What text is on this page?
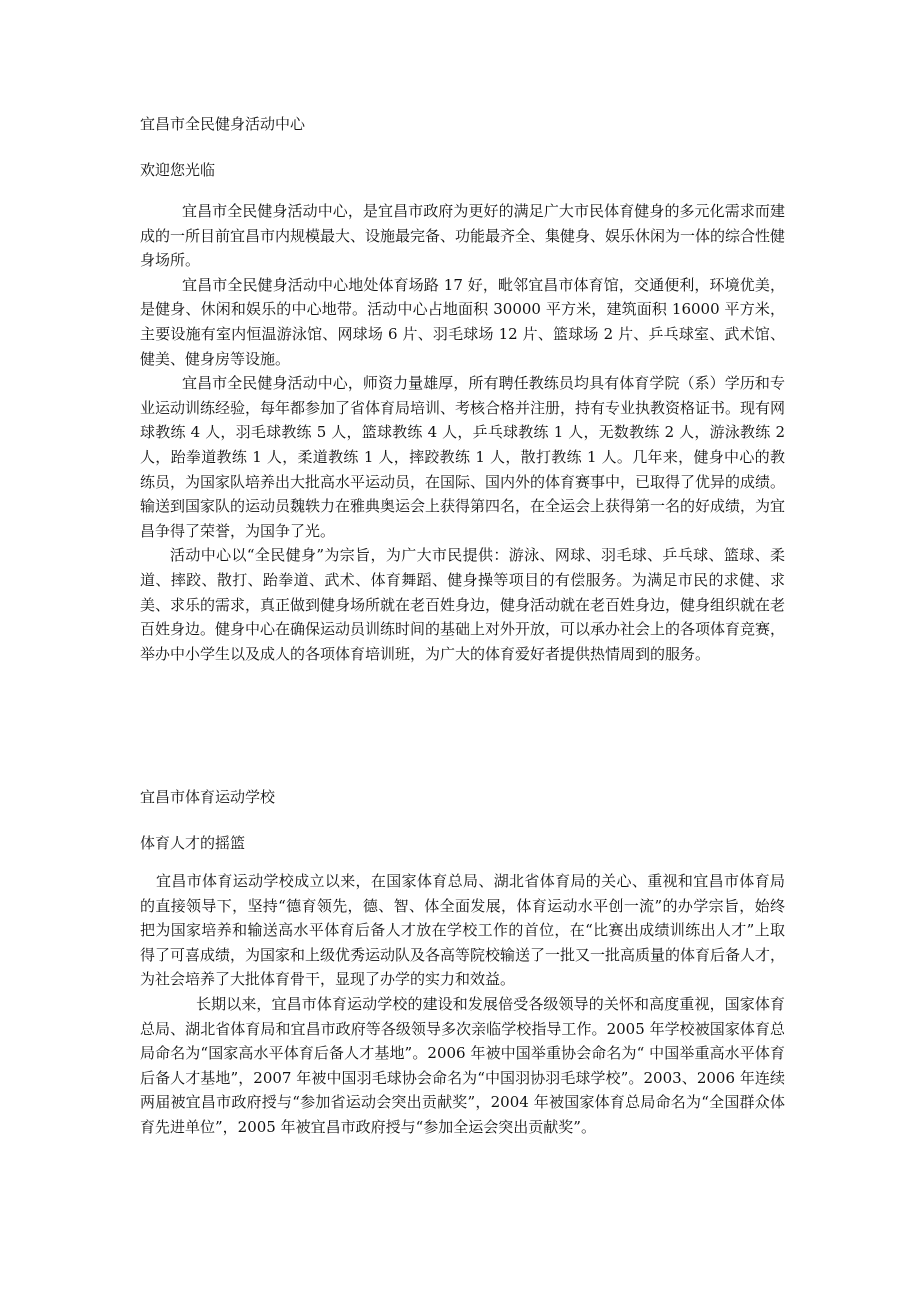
宜昌市全民健身活动中心

欢迎您光临

宜昌市全民健身活动中心，是宜昌市政府为更好的满足广大市民体育健身的多元化需求而建成的一所目前宜昌市内规模最大、设施最完备、功能最齐全、集健身、娱乐休闲为一体的综合性健身场所。

宜昌市全民健身活动中心地处体育场路 17 好，毗邻宜昌市体育馆，交通便利，环境优美，是健身、休闲和娱乐的中心地带。活动中心占地面积 30000 平方米，建筑面积 16000 平方米，主要设施有室内恒温游泳馆、网球场 6 片、羽毛球场 12 片、篮球场 2 片、乒乓球室、武术馆、健美、健身房等设施。

宜昌市全民健身活动中心，师资力量雄厚，所有聘任教练员均具有体育学院（系）学历和专业运动训练经验，每年都参加了省体育局培训、考核合格并注册，持有专业执教资格证书。现有网球教练 4 人，羽毛球教练 5 人，篮球教练 4 人，乒乓球教练 1 人，无数教练 2 人，游泳教练 2 人，跆拳道教练 1 人，柔道教练 1 人，摔跤教练 1 人，散打教练 1 人。几年来，健身中心的教练员，为国家队培养出大批高水平运动员，在国际、国内外的体育赛事中，已取得了优异的成绩。输送到国家队的运动员魏轶力在雅典奥运会上获得第四名，在全运会上获得第一名的好成绩，为宜昌争得了荣誉，为国争了光。

活动中心以“全民健身”为宗旨，为广大市民提供：游泳、网球、羽毛球、乒乓球、篮球、柔道、摔跤、散打、跆拳道、武术、体育舞蹈、健身操等项目的有偿服务。为满足市民的求健、求美、求乐的需求，真正做到健身场所就在老百姓身边，健身活动就在老百姓身边，健身组织就在老百姓身边。健身中心在确保运动员训练时间的基础上对外开放，可以承办社会上的各项体育竞赛，举办中小学生以及成人的各项体育培训班，为广大的体育爱好者提供热情周到的服务。

宜昌市体育运动学校

体育人才的摇篮

宜昌市体育运动学校成立以来，在国家体育总局、湖北省体育局的关心、重视和宜昌市体育局的直接领导下，坚持“德育领先，德、智、体全面发展，体育运动水平创一流”的办学宗旨，始终把为国家培养和输送高水平体育后备人才放在学校工作的首位，在“比赛出成绩训练出人才”上取得了可喜成绩，为国家和上级优秀运动队及各高等院校输送了一批又一批高质量的体育后备人才，为社会培养了大批体育骨干，显现了办学的实力和效益。

长期以来，宜昌市体育运动学校的建设和发展倍受各级领导的关怀和高度重视，国家体育总局、湖北省体育局和宜昌市政府等各级领导多次亲临学校指导工作。2005 年学校被国家体育总局命名为“国家高水平体育后备人才基地”。2006 年被中国举重协会命名为“ 中国举重高水平体育后备人才基地”，2007 年被中国羽毛球协会命名为“中国羽协羽毛球学校”。2003、2006 年连续两届被宜昌市政府授与“参加省运动会突出贡献奖”，2004 年被国家体育总局命名为“全国群众体育先进单位”，2005 年被宜昌市政府授与“参加全运会突出贡献奖”。
